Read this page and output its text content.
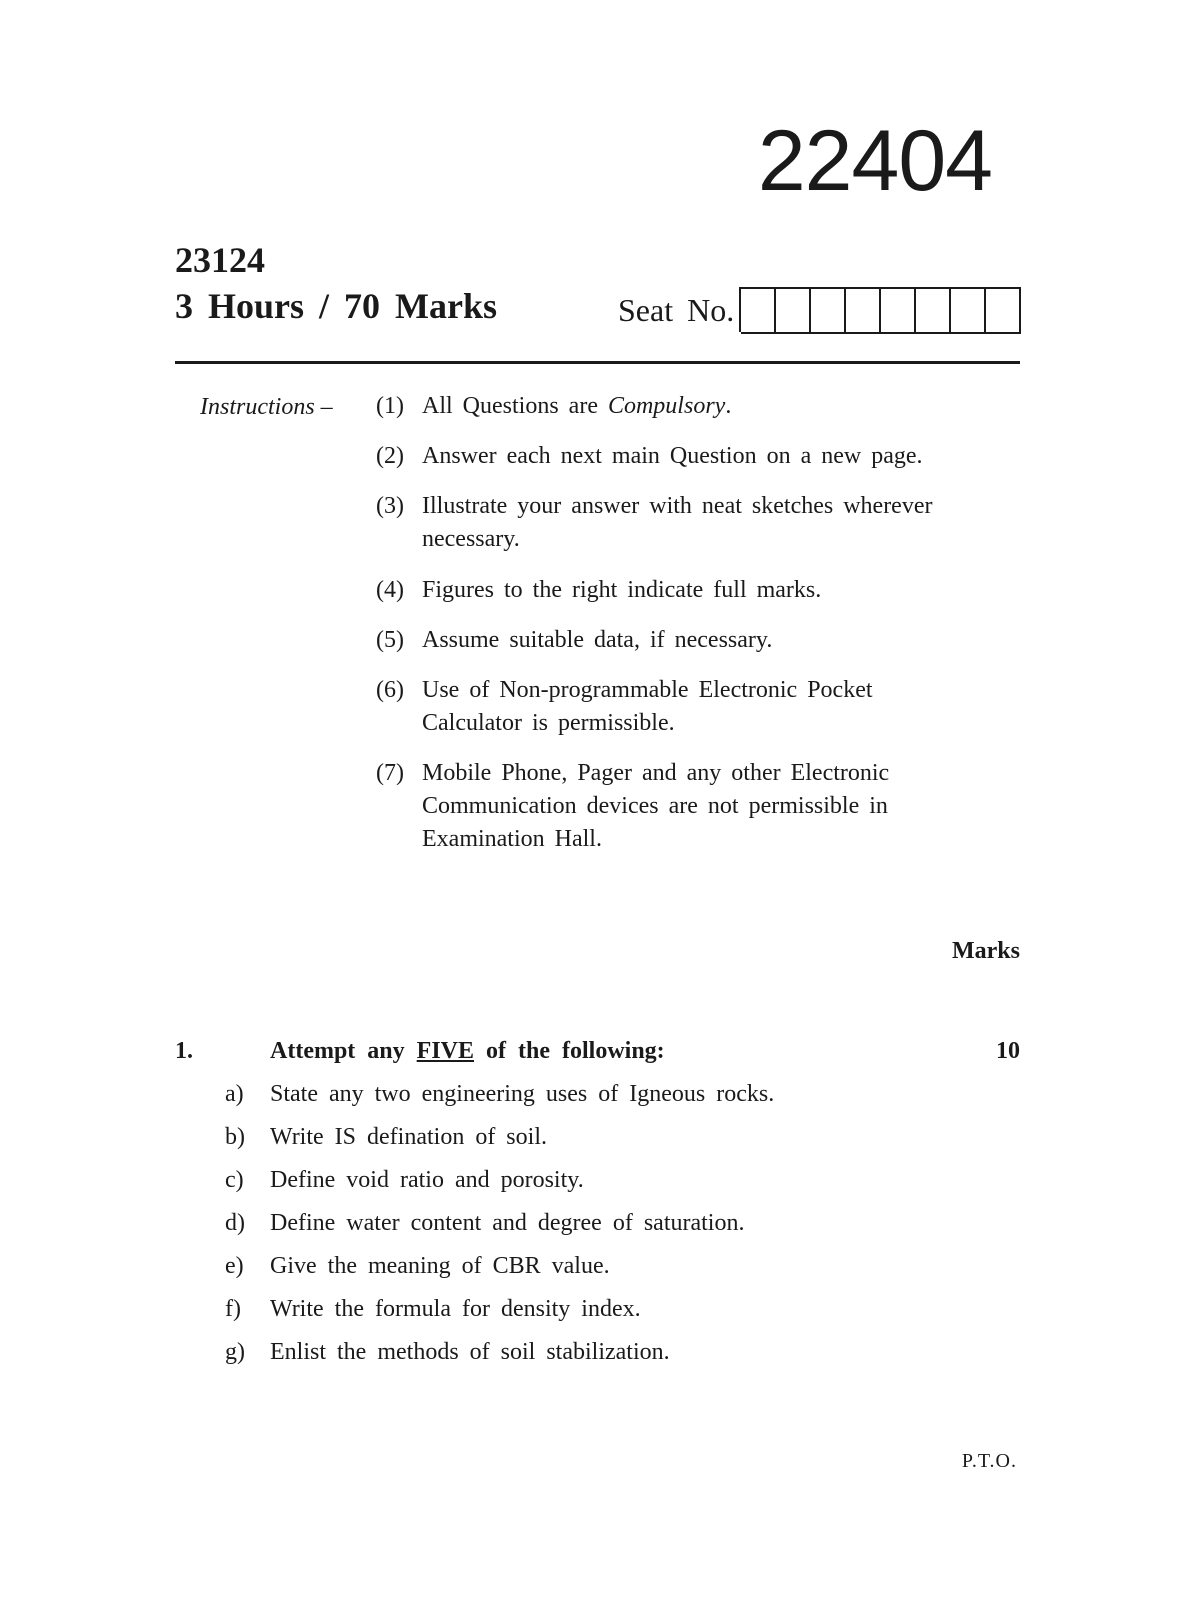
22404
23124
3 Hours / 70 Marks	Seat No.
Instructions – (1) All Questions are Compulsory.
(2) Answer each next main Question on a new page.
(3) Illustrate your answer with neat sketches wherever necessary.
(4) Figures to the right indicate full marks.
(5) Assume suitable data, if necessary.
(6) Use of Non-programmable Electronic Pocket Calculator is permissible.
(7) Mobile Phone, Pager and any other Electronic Communication devices are not permissible in Examination Hall.
Marks
1.	Attempt any FIVE of the following:	10
a) State any two engineering uses of Igneous rocks.
b) Write IS defination of soil.
c) Define void ratio and porosity.
d) Define water content and degree of saturation.
e) Give the meaning of CBR value.
f) Write the formula for density index.
g) Enlist the methods of soil stabilization.
P.T.O.
